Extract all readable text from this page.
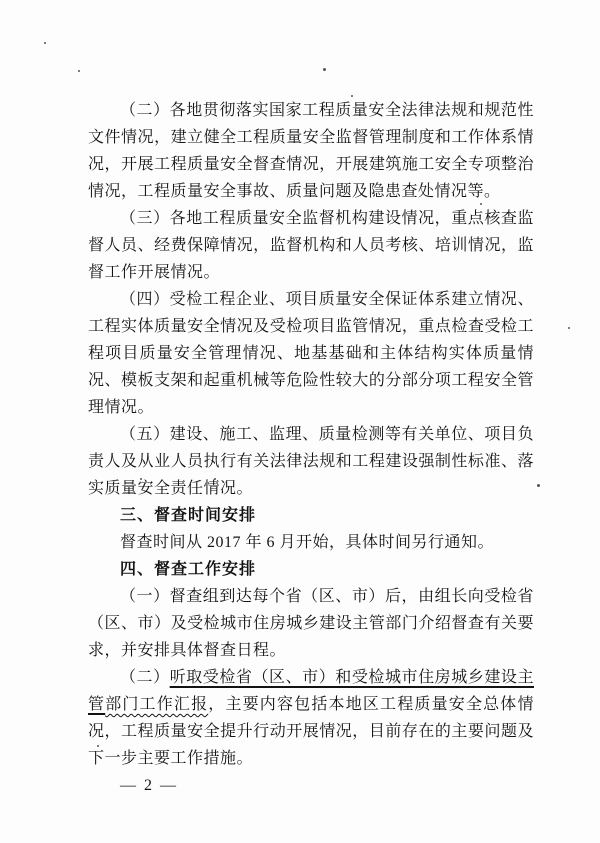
（二）各地贯彻落实国家工程质量安全法律法规和规范性文件情况，建立健全工程质量安全监督管理制度和工作体系情况，开展工程质量安全督查情况，开展建筑施工安全专项整治情况，工程质量安全事故、质量问题及隐患查处情况等。

（三）各地工程质量安全监督机构建设情况，重点核查监督人员、经费保障情况，监督机构和人员考核、培训情况，监督工作开展情况。

（四）受检工程企业、项目质量安全保证体系建立情况、工程实体质量安全情况及受检项目监管情况，重点检查受检工程项目质量安全管理情况、地基基础和主体结构实体质量情况、模板支架和起重机械等危险性较大的分部分项工程安全管理情况。

（五）建设、施工、监理、质量检测等有关单位、项目负责人及从业人员执行有关法律法规和工程建设强制性标准、落实质量安全责任情况。

三、督查时间安排

督查时间从 2017 年 6 月开始，具体时间另行通知。

四、督查工作安排

（一）督查组到达每个省（区、市）后，由组长向受检省（区、市）及受检城市住房城乡建设主管部门介绍督查有关要求，并安排具体督查日程。

（二）听取受检省（区、市）和受检城市住房城乡建设主管部门工作汇报，主要内容包括本地区工程质量安全总体情况，工程质量安全提升行动开展情况，目前存在的主要问题及下一步主要工作措施。

— 2 —
